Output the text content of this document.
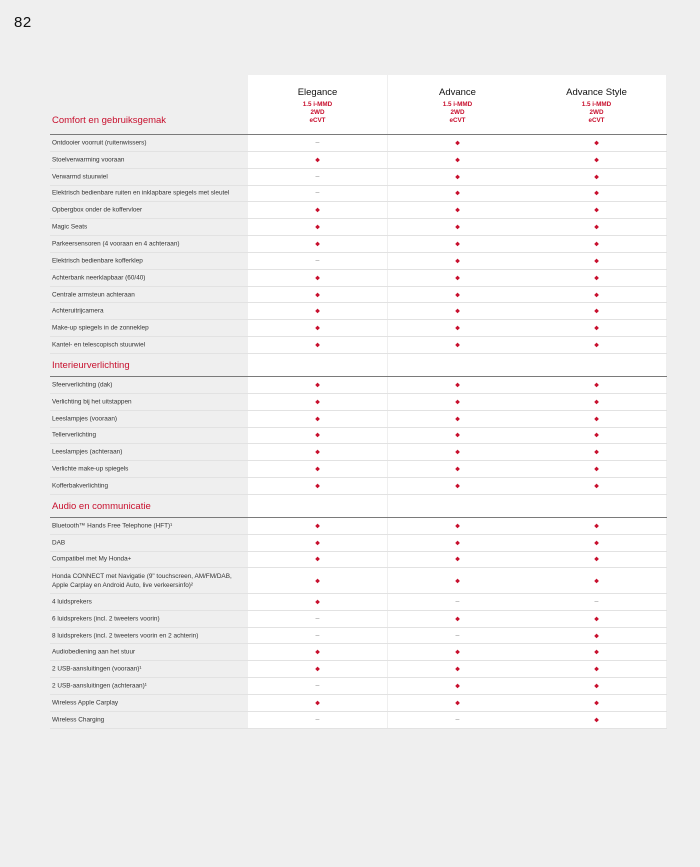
82
Elegance
1.5 i-MMD
2WD
eCVT
Advance
1.5 i-MMD
2WD
eCVT
Advance Style
1.5 i-MMD
2WD
eCVT
Comfort en gebruiksgemak
Ontdooier voorruit (ruitenwissers)	–	◆	◆
Stoelverwarming vooraan	◆	◆	◆
Verwarmd stuurwiel	–	◆	◆
Elektrisch bedienbare ruiten en inklapbare spiegels met sleutel	–	◆	◆
Opbergbox onder de koffervloer	◆	◆	◆
Magic Seats	◆	◆	◆
Parkeersensoren (4 vooraan en 4 achteraan)	◆	◆	◆
Elektrisch bedienbare kofferklep	–	◆	◆
Achterbank neerklapbaar (60/40)	◆	◆	◆
Centrale armsteun achteraan	◆	◆	◆
Achteruitrijcamera	◆	◆	◆
Make-up spiegels in de zonneklep	◆	◆	◆
Kantel- en telescopisch stuurwiel	◆	◆	◆
Interieurverlichting
Sfeerverlichting (dak)	◆	◆	◆
Verlichting bij het uitstappen	◆	◆	◆
Leeslampjes (vooraan)	◆	◆	◆
Tellerverlichting	◆	◆	◆
Leeslampjes (achteraan)	◆	◆	◆
Verlichte make-up spiegels	◆	◆	◆
Kofferbakverlichting	◆	◆	◆
Audio en communicatie
Bluetooth™ Hands Free Telephone (HFT)¹	◆	◆	◆
DAB	◆	◆	◆
Compatibel met My Honda+	◆	◆	◆
Honda CONNECT met Navigatie (9" touchscreen, AM/FM/DAB, Apple Carplay en Android Auto, live verkeersinfo)²
◆	◆	◆
4 luidsprekers	◆	–	–
6 luidsprekers (incl. 2 tweeters voorin)	–	◆	◆
8 luidsprekers (incl. 2 tweeters voorin en 2 achterin)	–	–	◆
Audiobediening aan het stuur	◆	◆	◆
2 USB-aansluitingen (vooraan)¹	◆	◆	◆
2 USB-aansluitingen (achteraan)¹	–	◆	◆
Wireless Apple Carplay	◆	◆	◆
Wireless Charging	–	–	◆
